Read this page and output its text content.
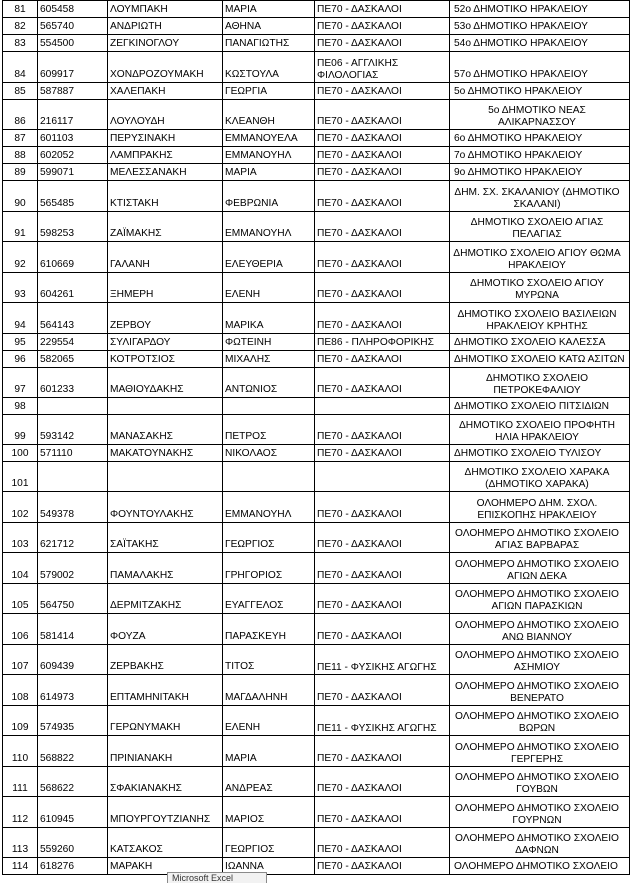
81	605458	ΛΟΥΜΠΑΚΗ	ΜΑΡΙΑ	ΠΕ70 - ΔΑΣΚΑΛΟΙ	52ο ΔΗΜΟΤΙΚΟ ΗΡΑΚΛΕΙΟΥ

82	565740	ΑΝΔΡΙΩΤΗ	ΑΘΗΝΑ	ΠΕ70 - ΔΑΣΚΑΛΟΙ	53ο ΔΗΜΟΤΙΚΟ ΗΡΑΚΛΕΙΟΥ

83	554500	ΖΕΓΚΙΝΟΓΛΟΥ	ΠΑΝΑΓΙΩΤΗΣ	ΠΕ70 - ΔΑΣΚΑΛΟΙ	54ο ΔΗΜΟΤΙΚΟ ΗΡΑΚΛΕΙΟΥ

84	609917	ΧΟΝΔΡΟΖΟΥΜΑΚΗ	ΚΩΣΤΟΥΛΑ	ΠΕ06 - ΑΓΓΛΙΚΗΣ ΦΙΛΟΛΟΓΙΑΣ	57ο ΔΗΜΟΤΙΚΟ ΗΡΑΚΛΕΙΟΥ

85	587887	ΧΑΛΕΠΑΚΗ	ΓΕΩΡΓΙΑ	ΠΕ70 - ΔΑΣΚΑΛΟΙ	5ο ΔΗΜΟΤΙΚΟ ΗΡΑΚΛΕΙΟΥ

86	216117	ΛΟΥΛΟΥΔΗ	ΚΛΕΑΝΘΗ	ΠΕ70 - ΔΑΣΚΑΛΟΙ	5ο ΔΗΜΟΤΙΚΟ ΝΕΑΣ ΑΛΙΚΑΡΝΑΣΣΟΥ

87	601103	ΠΕΡΥΣΙΝΑΚΗ	ΕΜΜΑΝΟΥΕΛΑ	ΠΕ70 - ΔΑΣΚΑΛΟΙ	6ο ΔΗΜΟΤΙΚΟ ΗΡΑΚΛΕΙΟΥ

88	602052	ΛΑΜΠΡΑΚΗΣ	ΕΜΜΑΝΟΥΗΛ	ΠΕ70 - ΔΑΣΚΑΛΟΙ	7ο ΔΗΜΟΤΙΚΟ ΗΡΑΚΛΕΙΟΥ

89	599071	ΜΕΛΕΣΣΑΝΑΚΗ	ΜΑΡΙΑ	ΠΕ70 - ΔΑΣΚΑΛΟΙ	9ο ΔΗΜΟΤΙΚΟ ΗΡΑΚΛΕΙΟΥ

90	565485	ΚΤΙΣΤΑΚΗ	ΦΕΒΡΩΝΙΑ	ΠΕ70 - ΔΑΣΚΑΛΟΙ	ΔΗΜ. ΣΧ. ΣΚΑΛΑΝΙΟΥ (ΔΗΜΟΤΙΚΟ ΣΚΑΛΑΝΙ)

91	598253	ΖΑΪΜΑΚΗΣ	ΕΜΜΑΝΟΥΗΛ	ΠΕ70 - ΔΑΣΚΑΛΟΙ	ΔΗΜΟΤΙΚΟ ΣΧΟΛΕΙΟ ΑΓΙΑΣ ΠΕΛΑΓΙΑΣ

92	610669	ΓΑΛΑΝΗ	ΕΛΕΥΘΕΡΙΑ	ΠΕ70 - ΔΑΣΚΑΛΟΙ	ΔΗΜΟΤΙΚΟ ΣΧΟΛΕΙΟ ΑΓΙΟΥ ΘΩΜΑ ΗΡΑΚΛΕΙΟΥ

93	604261	ΞΗΜΕΡΗ	ΕΛΕΝΗ	ΠΕ70 - ΔΑΣΚΑΛΟΙ	ΔΗΜΟΤΙΚΟ ΣΧΟΛΕΙΟ ΑΓΙΟΥ ΜΥΡΩΝΑ

94	564143	ΖΕΡΒΟΥ	ΜΑΡΙΚΑ	ΠΕ70 - ΔΑΣΚΑΛΟΙ	ΔΗΜΟΤΙΚΟ ΣΧΟΛΕΙΟ ΒΑΣΙΛΕΙΩΝ ΗΡΑΚΛΕΙΟΥ ΚΡΗΤΗΣ

95	229554	ΣΥΛΙΓΑΡΔΟΥ	ΦΩΤΕΙΝΗ	ΠΕ86 - ΠΛΗΡΟΦΟΡΙΚΗΣ	ΔΗΜΟΤΙΚΟ ΣΧΟΛΕΙΟ ΚΑΛΕΣΣΑ

96	582065	ΚΟΤΡΟΤΣΙΟΣ	ΜΙΧΑΛΗΣ	ΠΕ70 - ΔΑΣΚΑΛΟΙ	ΔΗΜΟΤΙΚΟ ΣΧΟΛΕΙΟ ΚΑΤΩ ΑΣΙΤΩΝ

97	601233	ΜΑΘΙΟΥΔΑΚΗΣ	ΑΝΤΩΝΙΟΣ	ΠΕ70 - ΔΑΣΚΑΛΟΙ	ΔΗΜΟΤΙΚΟ ΣΧΟΛΕΙΟ ΠΕΤΡΟΚΕΦΑΛΙΟΥ

98					ΔΗΜΟΤΙΚΟ ΣΧΟΛΕΙΟ ΠΙΤΣΙΔΙΩΝ

99	593142	ΜΑΝΑΣΑΚΗΣ	ΠΕΤΡΟΣ	ΠΕ70 - ΔΑΣΚΑΛΟΙ	ΔΗΜΟΤΙΚΟ ΣΧΟΛΕΙΟ ΠΡΟΦΗΤΗ ΗΛΙΑ ΗΡΑΚΛΕΙΟΥ

100	571110	ΜΑΚΑΤΟΥΝΑΚΗΣ	ΝΙΚΟΛΑΟΣ	ΠΕ70 - ΔΑΣΚΑΛΟΙ	ΔΗΜΟΤΙΚΟ ΣΧΟΛΕΙΟ ΤΥΛΙΣΟΥ

101					ΔΗΜΟΤΙΚΟ ΣΧΟΛΕΙΟ ΧΑΡΑΚΑ (ΔΗΜΟΤΙΚΟ ΧΑΡΑΚΑ)

102	549378	ΦΟΥΝΤΟΥΛΑΚΗΣ	ΕΜΜΑΝΟΥΗΛ	ΠΕ70 - ΔΑΣΚΑΛΟΙ	ΟΛΟΗΜΕΡΟ ΔΗΜ. ΣΧΟΛ. ΕΠΙΣΚΟΠΗΣ ΗΡΑΚΛΕΙΟΥ

103	621712	ΣΑΪΤΑΚΗΣ	ΓΕΩΡΓΙΟΣ	ΠΕ70 - ΔΑΣΚΑΛΟΙ	ΟΛΟΗΜΕΡΟ ΔΗΜΟΤΙΚΟ ΣΧΟΛΕΙΟ ΑΓΙΑΣ ΒΑΡΒΑΡΑΣ

104	579002	ΠΑΜΑΛΑΚΗΣ	ΓΡΗΓΟΡΙΟΣ	ΠΕ70 - ΔΑΣΚΑΛΟΙ	ΟΛΟΗΜΕΡΟ ΔΗΜΟΤΙΚΟ ΣΧΟΛΕΙΟ ΑΓΙΩΝ ΔΕΚΑ

105	564750	ΔΕΡΜΙΤΖΑΚΗΣ	ΕΥΑΓΓΕΛΟΣ	ΠΕ70 - ΔΑΣΚΑΛΟΙ	ΟΛΟΗΜΕΡΟ ΔΗΜΟΤΙΚΟ ΣΧΟΛΕΙΟ ΑΓΙΩΝ ΠΑΡΑΣΚΙΩΝ

106	581414	ΦΟΥΖΑ	ΠΑΡΑΣΚΕΥΗ	ΠΕ70 - ΔΑΣΚΑΛΟΙ	ΟΛΟΗΜΕΡΟ ΔΗΜΟΤΙΚΟ ΣΧΟΛΕΙΟ ΑΝΩ ΒΙΑΝΝΟΥ

107	609439	ΖΕΡΒΑΚΗΣ	ΤΙΤΟΣ	ΠΕ11 - ΦΥΣΙΚΗΣ ΑΓΩΓΗΣ	ΟΛΟΗΜΕΡΟ ΔΗΜΟΤΙΚΟ ΣΧΟΛΕΙΟ ΑΣΗΜΙΟΥ

108	614973	ΕΠΤΑΜΗΝΙΤΑΚΗ	ΜΑΓΔΑΛΗΝΗ	ΠΕ70 - ΔΑΣΚΑΛΟΙ	ΟΛΟΗΜΕΡΟ ΔΗΜΟΤΙΚΟ ΣΧΟΛΕΙΟ ΒΕΝΕΡΑΤΟ

109	574935	ΓΕΡΩΝΥΜΑΚΗ	ΕΛΕΝΗ	ΠΕ11 - ΦΥΣΙΚΗΣ ΑΓΩΓΗΣ	ΟΛΟΗΜΕΡΟ ΔΗΜΟΤΙΚΟ ΣΧΟΛΕΙΟ ΒΩΡΩΝ

110	568822	ΠΡΙΝΙΑΝΑΚΗ	ΜΑΡΙΑ	ΠΕ70 - ΔΑΣΚΑΛΟΙ	ΟΛΟΗΜΕΡΟ ΔΗΜΟΤΙΚΟ ΣΧΟΛΕΙΟ ΓΕΡΓΕΡΗΣ

111	568622	ΣΦΑΚΙΑΝΑΚΗΣ	ΑΝΔΡΕΑΣ	ΠΕ70 - ΔΑΣΚΑΛΟΙ	ΟΛΟΗΜΕΡΟ ΔΗΜΟΤΙΚΟ ΣΧΟΛΕΙΟ ΓΟΥΒΩΝ

112	610945	ΜΠΟΥΡΓΟΥΤΖΙΑΝΗΣ	ΜΑΡΙΟΣ	ΠΕ70 - ΔΑΣΚΑΛΟΙ	ΟΛΟΗΜΕΡΟ ΔΗΜΟΤΙΚΟ ΣΧΟΛΕΙΟ ΓΟΥΡΝΩΝ

113	559260	ΚΑΤΣΑΚΟΣ	ΓΕΩΡΓΙΟΣ	ΠΕ70 - ΔΑΣΚΑΛΟΙ	ΟΛΟΗΜΕΡΟ ΔΗΜΟΤΙΚΟ ΣΧΟΛΕΙΟ ΔΑΦΝΩΝ

114	618276	ΜΑΡΑΚΗ	ΙΩΑΝΝΑ	ΠΕ70 - ΔΑΣΚΑΛΟΙ	ΟΛΟΗΜΕΡΟ ΔΗΜΟΤΙΚΟ ΣΧΟΛΕΙΟ
Microsoft Excel
